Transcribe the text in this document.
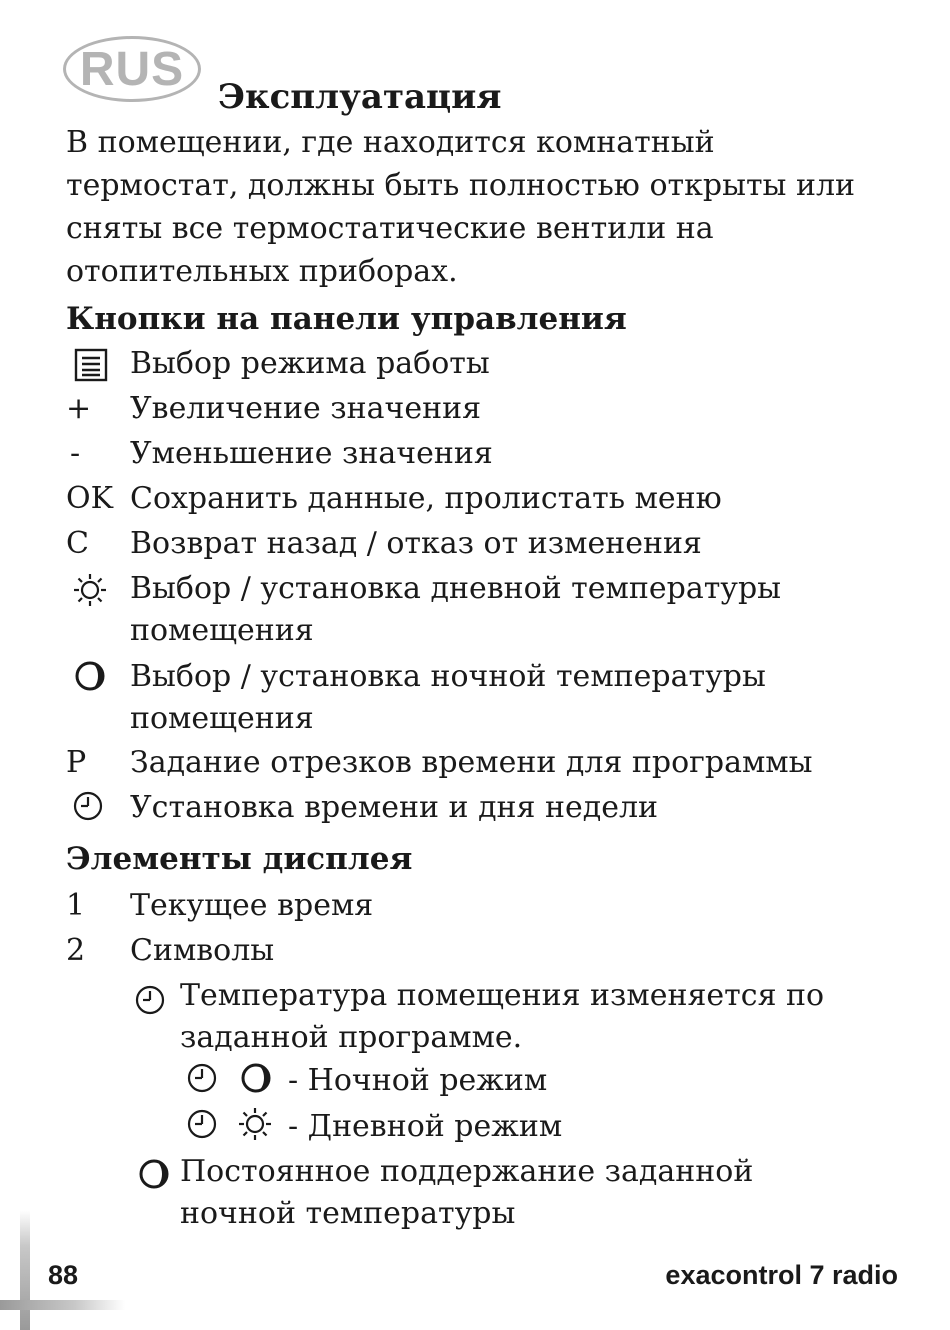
RUS
Эксплуатация
В помещении, где находится комнатный
термостат, должны быть полностью открыты или
сняты все термостатические вентили на
отопительных приборах.
Кнопки на панели управления
Выбор режима работы
+ Увеличение значения
- Уменьшение значения
OK Сохранить данные, пролистать меню
C Возврат назад / отказ от изменения
Выбор / установка дневной температуры
помещения
Выбор / установка ночной температуры
помещения
P Задание отрезков времени для программы
Установка времени и дня недели
Элементы дисплея
1 Текущее время
2 Символы
Температура помещения изменяется по
заданной программе.
- Ночной режим
- Дневной режим
Постоянное поддержание заданной
ночной температуры
88	exacontrol 7 radio
